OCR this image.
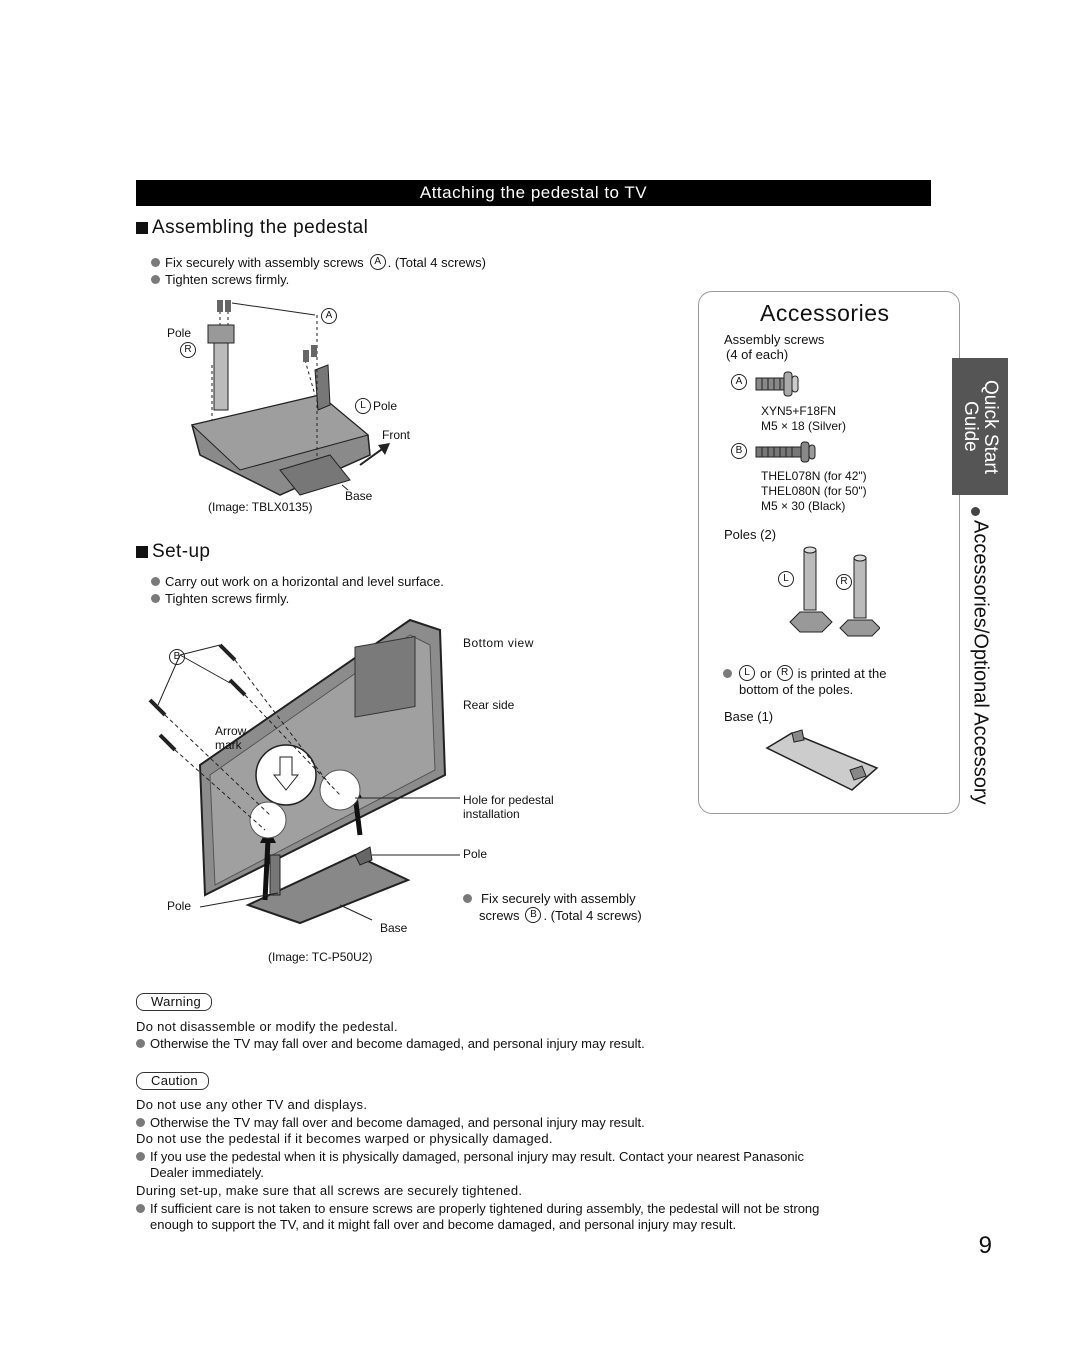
Attaching the pedestal to TV
Assembling the pedestal
Fix securely with assembly screws	A . (Total 4 screws)
Tighten screws firmly.
Pole
R
A
L Pole
Front
Base
(Image: TBLX0135)
Set-up
Carry out work on a horizontal and level surface.
Tighten screws firmly.
Bottom view
Rear side
B
Arrow
mark
Hole for pedestal
installation
Pole
Pole
Base
Fix securely with assembly
screws	B . (Total 4 screws)
(Image: TC-P50U2)
Accessories
Assembly screws
(4 of each)
A
XYN5+F18FN
M5 × 18 (Silver)
B
THEL078N (for 42")
THEL080N (for 50")
M5 × 30 (Black)
Poles (2)
L	R
L or R is printed at the
bottom of the poles.
Base (1)
Quick Start Guide
Accessories/Optional Accessory
Warning
Do not disassemble or modify the pedestal.
Otherwise the TV may fall over and become damaged, and personal injury may result.
Caution
Do not use any other TV and displays.
Otherwise the TV may fall over and become damaged, and personal injury may result.
Do not use the pedestal if it becomes warped or physically damaged.
If you use the pedestal when it is physically damaged, personal injury may result. Contact your nearest Panasonic
Dealer immediately.
During set-up, make sure that all screws are securely tightened.
If sufficient care is not taken to ensure screws are properly tightened during assembly, the pedestal will not be strong
enough to support the TV, and it might fall over and become damaged, and personal injury may result.
9
